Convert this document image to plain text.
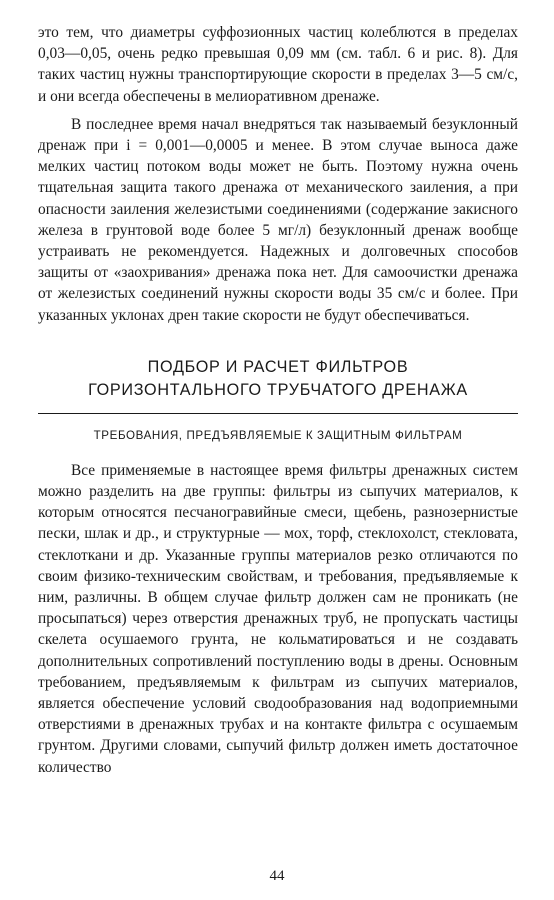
это тем, что диаметры суффозионных частиц колеблются в пределах 0,03—0,05, очень редко превышая 0,09 мм (см. табл. 6 и рис. 8). Для таких частиц нужны транспортирующие скорости в пределах 3—5 см/с, и они всегда обеспечены в мелиоративном дренаже.

В последнее время начал внедряться так называемый безуклонный дренаж при i = 0,001—0,0005 и менее. В этом случае выноса даже мелких частиц потоком воды может не быть. Поэтому нужна очень тщательная защита такого дренажа от механического заиления, а при опасности заиления железистыми соединениями (содержание закисного железа в грунтовой воде более 5 мг/л) безуклонный дренаж вообще устраивать не рекомендуется. Надежных и долговечных способов защиты от «заохривания» дренажа пока нет. Для самоочистки дренажа от железистых соединений нужны скорости воды 35 см/с и более. При указанных уклонах дрен такие скорости не будут обеспечиваться.

ПОДБОР И РАСЧЕТ ФИЛЬТРОВ
ГОРИЗОНТАЛЬНОГО ТРУБЧАТОГО ДРЕНАЖА
ТРЕБОВАНИЯ, ПРЕДЪЯВЛЯЕМЫЕ К ЗАЩИТНЫМ ФИЛЬТРАМ

Все применяемые в настоящее время фильтры дренажных систем можно разделить на две группы: фильтры из сыпучих материалов, к которым относятся песчаногравийные смеси, щебень, разнозернистые пески, шлак и др., и структурные — мох, торф, стеклохолст, стекловата, стеклоткани и др. Указанные группы материалов резко отличаются по своим физико-техническим свойствам, и требования, предъявляемые к ним, различны. В общем случае фильтр должен сам не проникать (не просыпаться) через отверстия дренажных труб, не пропускать частицы скелета осушаемого грунта, не кольматироваться и не создавать дополнительных сопротивлений поступлению воды в дрены. Основным требованием, предъявляемым к фильтрам из сыпучих материалов, является обеспечение условий сводообразования над водоприемными отверстиями в дренажных трубах и на контакте фильтра с осушаемым грунтом. Другими словами, сыпучий фильтр должен иметь достаточное количество

44
